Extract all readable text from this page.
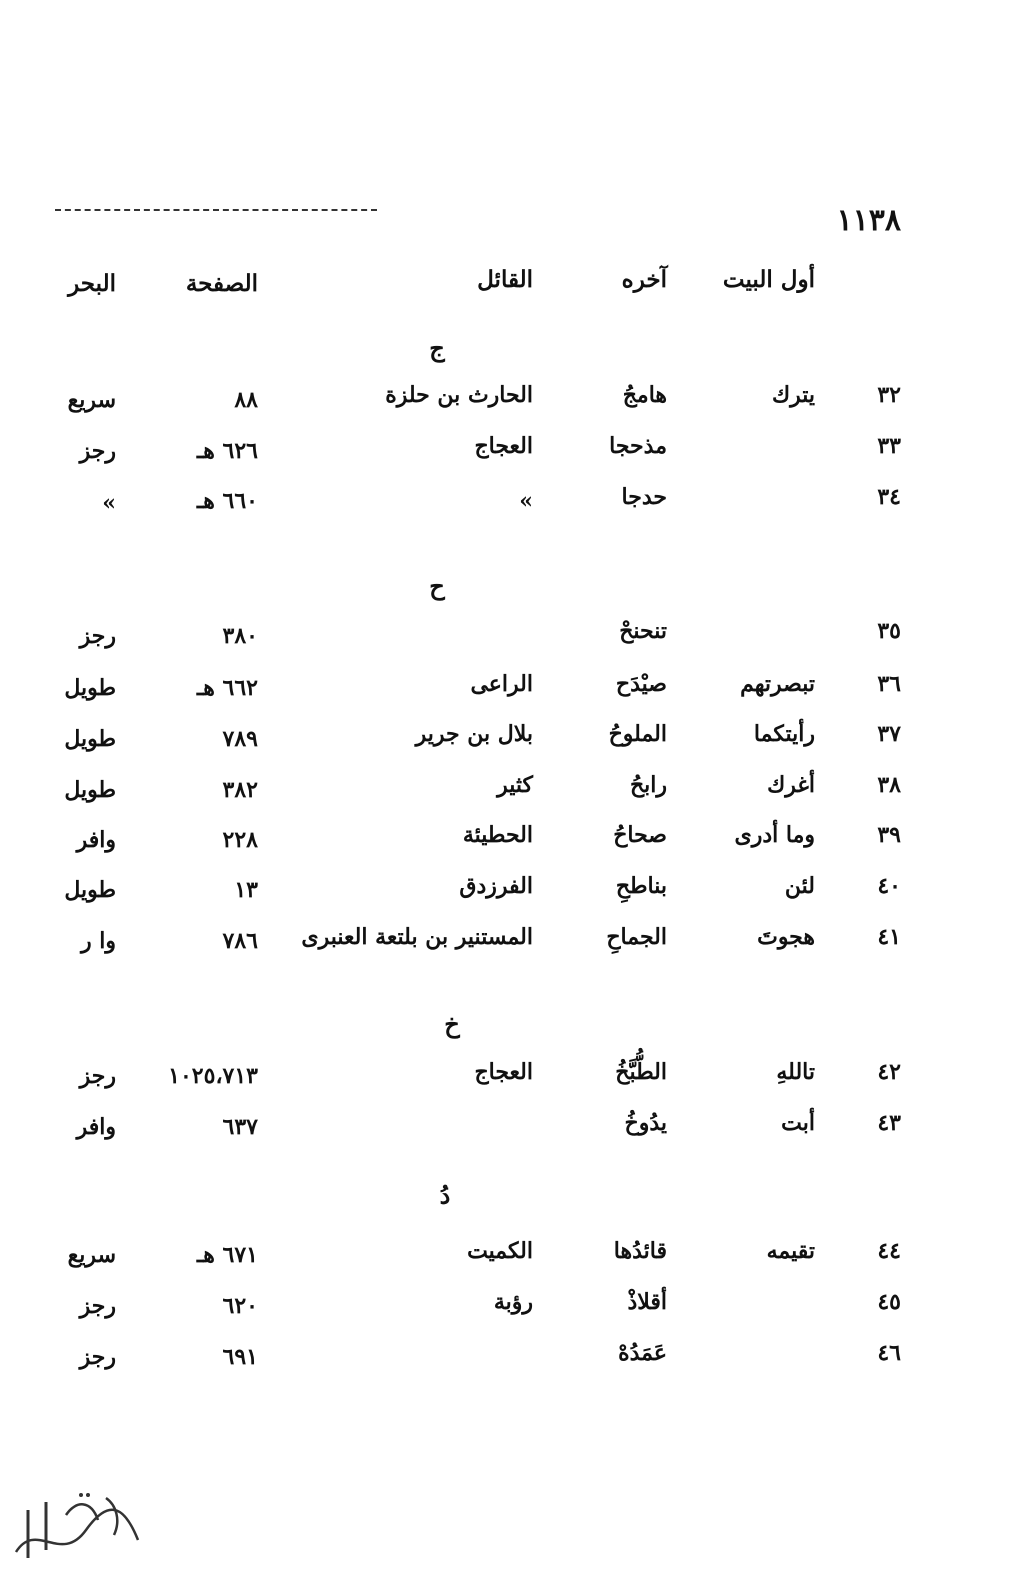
١١٣٨
أول البيت
آخره
القائل
الصفحة
البحر
ج
٣٢
يترك
هامجُ
الحارث بن حلزة
٨٨
سريع
٣٣
مذحجا
العجاج
٦٢٦ هـ
رجز
٣٤
حدجا
»
٦٦٠ هـ
»
ح
٣٥
تنحنحْ
٣٨٠
رجز
٣٦
تبصرتهم
صيْدَح
الراعى
٦٦٢ هـ
طويل
٣٧
رأيتكما
الملوحُ
بلال بن جرير
٧٨٩
طويل
٣٨
أغرك
رابحُ
كثير
٣٨٢
طويل
٣٩
وما أدرى
صحاحُ
الحطيئة
٢٢٨
وافر
٤٠
لئن
بناطحِ
الفرزدق
١٣
طويل
٤١
هجوتَ
الجماحِ
المستنير بن بلتعة العنبرى
٧٨٦
وا ر
خ
٤٢
تاللهِ
الطُّبَّخُ
العجاج
١٠٢٥،٧١٣
رجز
٤٣
أبت
يدُوخُ
٦٣٧
وافر
دُ
٤٤
تقيمه
قائدُها
الكميت
٦٧١ هـ
سريع
٤٥
أقلاذْ
رؤبة
٦٢٠
رجز
٤٦
عَمَدُهْ
٦٩١
رجز
